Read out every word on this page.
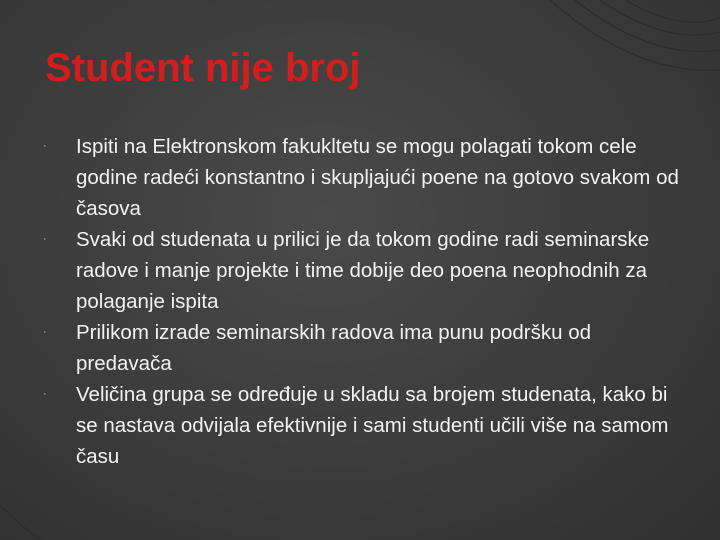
Student nije broj
· Ispiti na Elektronskom fakukltetu se mogu polagati tokom cele godine radeći konstantno i skupljajući poene na gotovo svakom od časova
· Svaki od studenata u prilici je da tokom godine radi seminarske radove i manje projekte i time dobije deo poena neophodnih za polaganje ispita
· Prilikom izrade seminarskih radova ima punu podršku od predavača
· Veličina grupa se određuje u skladu sa brojem studenata, kako bi se nastava odvijala efektivnije i sami studenti učili više na samom času
